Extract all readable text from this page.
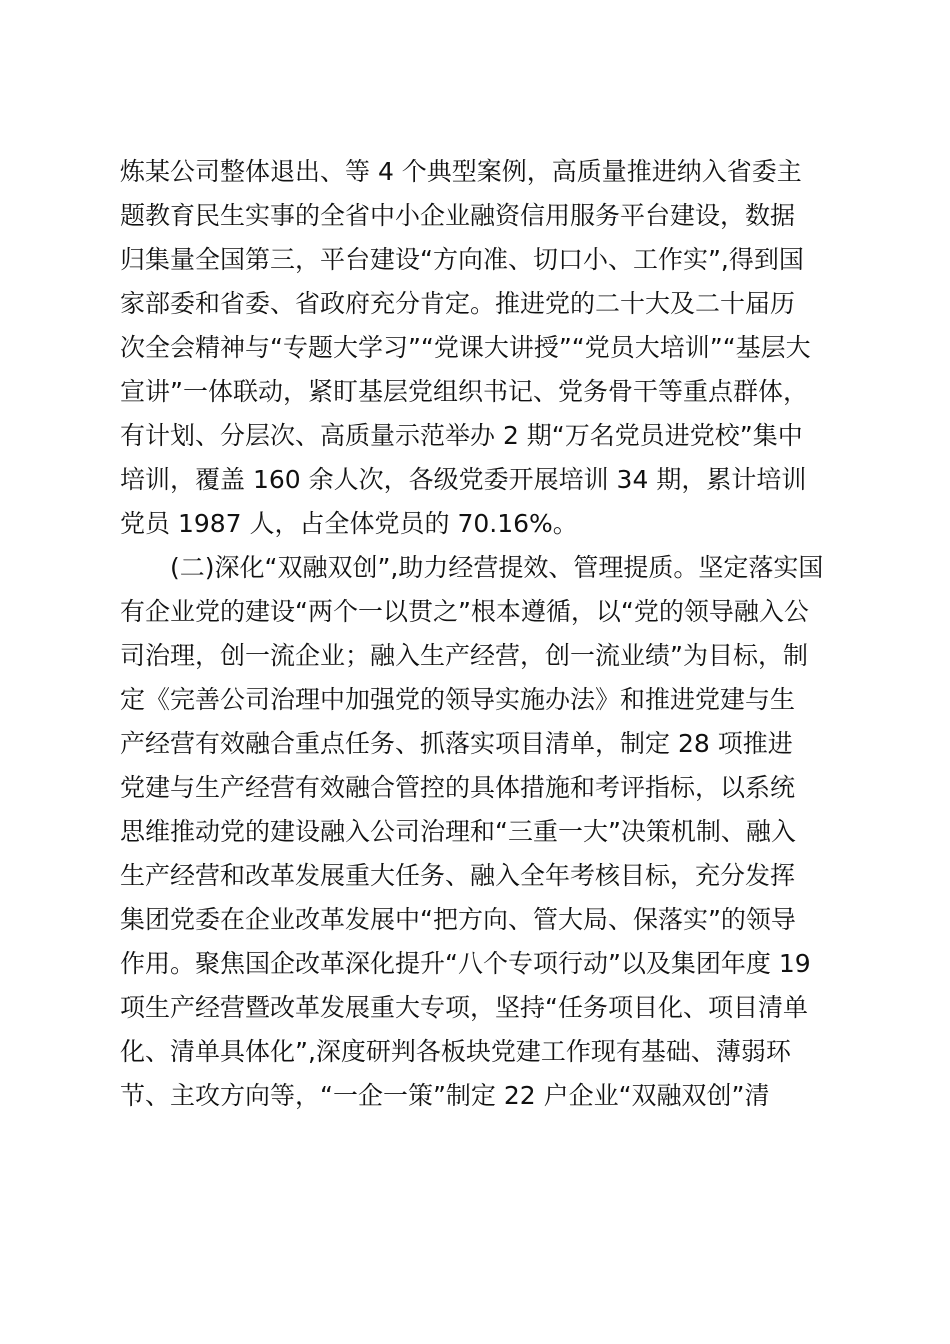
炼某公司整体退出、等 4 个典型案例，高质量推进纳入省委主
题教育民生实事的全省中小企业融资信用服务平台建设，数据
归集量全国第三，平台建设“方向准、切口小、工作实”,得到国
家部委和省委、省政府充分肯定。推进党的二十大及二十届历
次全会精神与“专题大学习”“党课大讲授”“党员大培训”“基层大
宣讲”一体联动，紧盯基层党组织书记、党务骨干等重点群体，
有计划、分层次、高质量示范举办 2 期“万名党员进党校”集中
培训，覆盖 160 余人次，各级党委开展培训 34 期，累计培训
党员 1987 人，占全体党员的 70.16%。
　　(二)深化“双融双创”,助力经营提效、管理提质。坚定落实国
有企业党的建设“两个一以贯之”根本遵循，以“党的领导融入公
司治理，创一流企业；融入生产经营，创一流业绩”为目标，制
定《完善公司治理中加强党的领导实施办法》和推进党建与生
产经营有效融合重点任务、抓落实项目清单，制定 28 项推进
党建与生产经营有效融合管控的具体措施和考评指标，以系统
思维推动党的建设融入公司治理和“三重一大”决策机制、融入
生产经营和改革发展重大任务、融入全年考核目标，充分发挥
集团党委在企业改革发展中“把方向、管大局、保落实”的领导
作用。聚焦国企改革深化提升“八个专项行动”以及集团年度 19
项生产经营暨改革发展重大专项，坚持“任务项目化、项目清单
化、清单具体化”,深度研判各板块党建工作现有基础、薄弱环
节、主攻方向等，“一企一策”制定 22 户企业“双融双创”清
